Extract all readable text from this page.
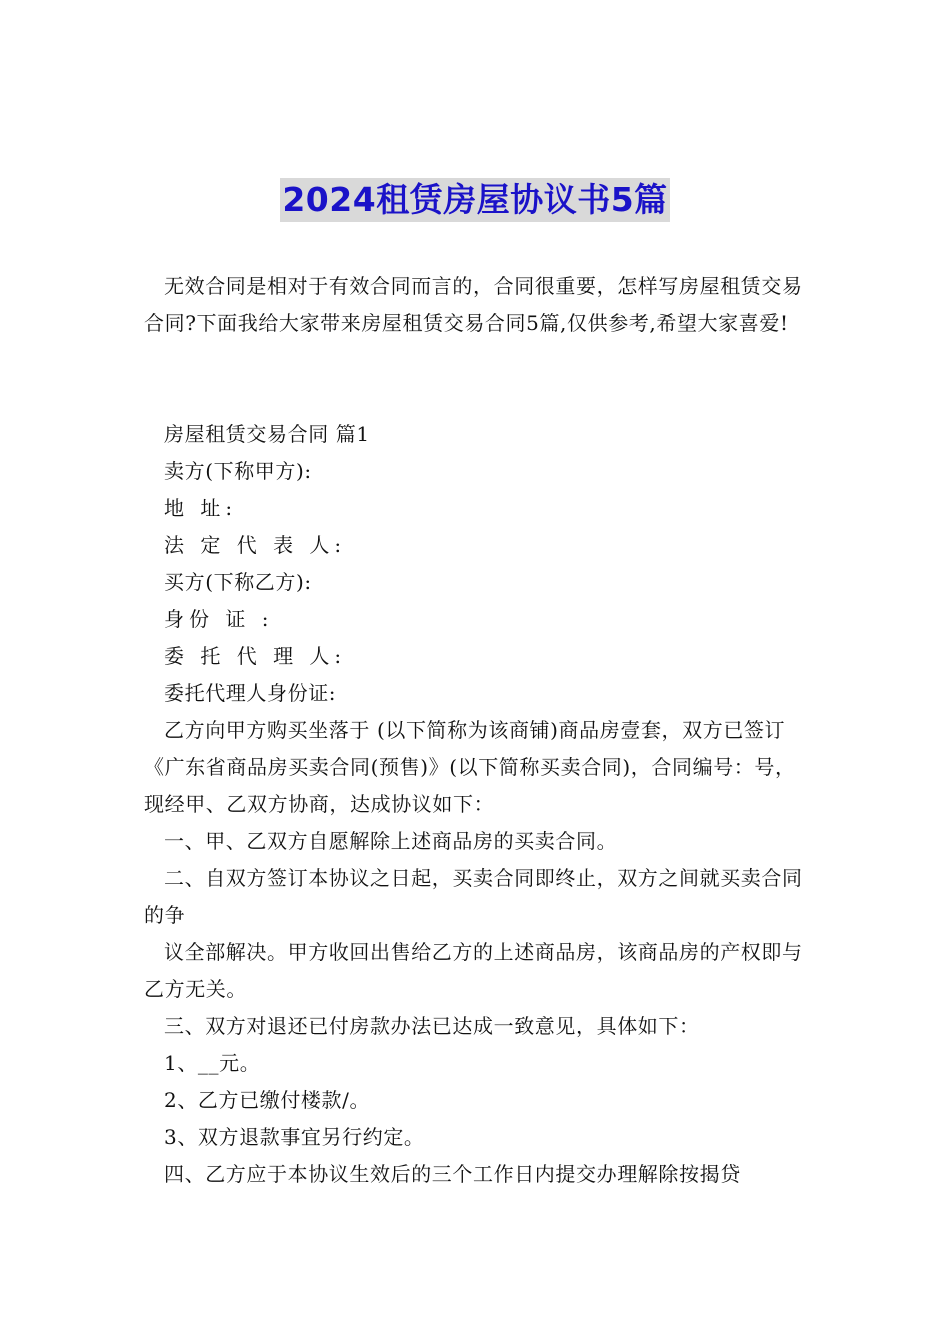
2024租赁房屋协议书5篇

无效合同是相对于有效合同而言的，合同很重要，怎样写房屋租赁交易合同?下面我给大家带来房屋租赁交易合同5篇,仅供参考,希望大家喜爱!

房屋租赁交易合同 篇1

卖方(下称甲方):

地 址:

法 定 代 表 人:

买方(下称乙方):

身份 证 :

委 托 代 理 人:

委托代理人身份证:

乙方向甲方购买坐落于 (以下简称为该商铺)商品房壹套，双方已签订《广东省商品房买卖合同(预售)》(以下简称买卖合同)，合同编号：号，现经甲、乙双方协商，达成协议如下：

一、甲、乙双方自愿解除上述商品房的买卖合同。

二、自双方签订本协议之日起，买卖合同即终止，双方之间就买卖合同的争

议全部解决。甲方收回出售给乙方的上述商品房，该商品房的产权即与乙方无关。

三、双方对退还已付房款办法已达成一致意见，具体如下：

1、__元。

2、乙方已缴付楼款/。

3、双方退款事宜另行约定。

四、乙方应于本协议生效后的三个工作日内提交办理解除按揭贷
